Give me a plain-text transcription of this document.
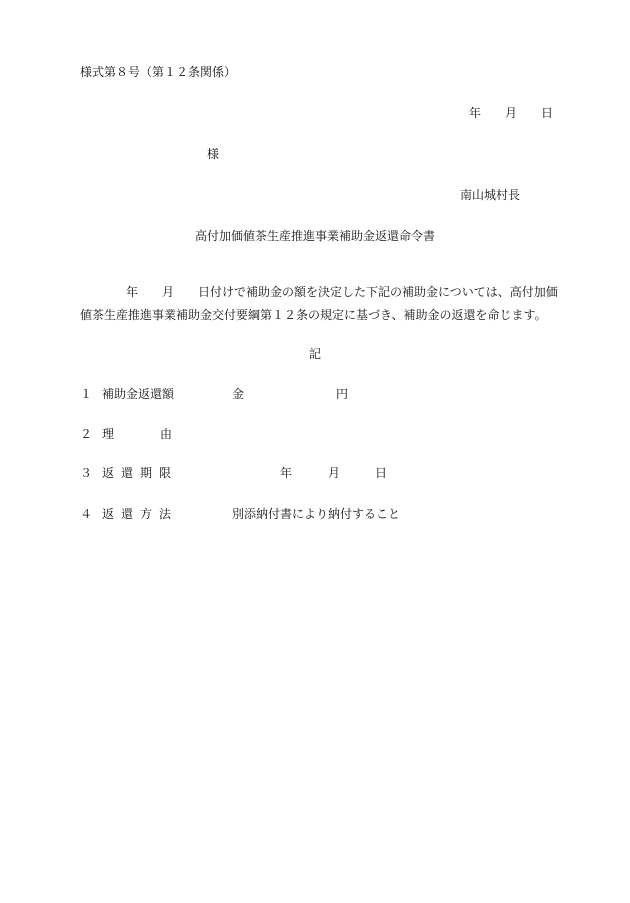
様式第８号（第１２条関係）
年 月 日
様
南山城村長
高付加価値茶生産推進事業補助金返還命令書
年 月 日付けで補助金の額を決定した下記の補助金については、高付加価
値茶生産推進事業補助金交付要綱第１２条の規定に基づき、補助金の返還を命じます。
記
１ 補助金返還額	金	円
２ 理	由
３ 返還期限	年	月	日
４ 返還方法	別添納付書により納付すること
